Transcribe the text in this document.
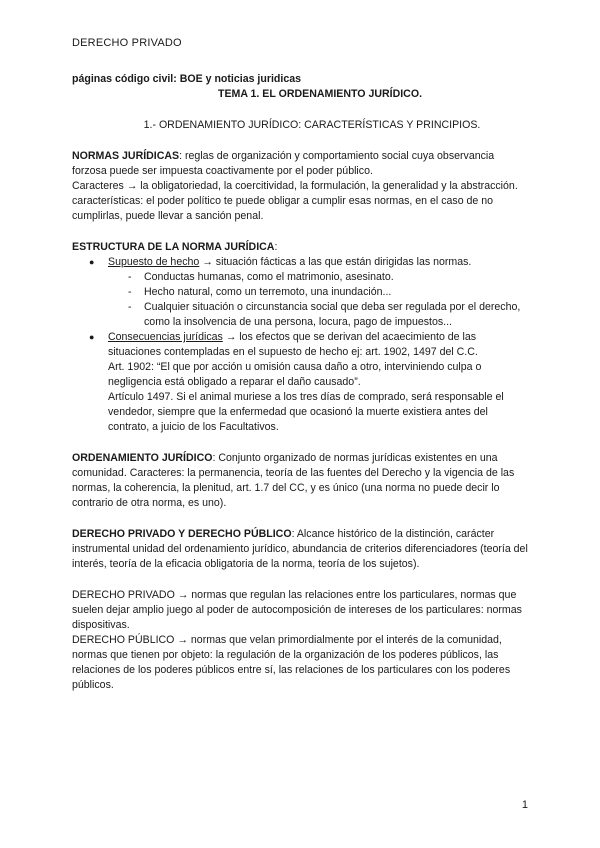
DERECHO PRIVADO

páginas código civil: BOE y noticias juridicas

TEMA 1. EL ORDENAMIENTO JURÍDICO.

1.- ORDENAMIENTO JURÍDICO: CARACTERÍSTICAS Y PRINCIPIOS.

NORMAS JURÍDICAS: reglas de organización y comportamiento social cuya observancia forzosa puede ser impuesta coactivamente por el poder público.

Caracteres → la obligatoriedad, la coercitividad, la formulación, la generalidad y la abstracción.

características: el poder político te puede obligar a cumplir esas normas, en el caso de no cumplirlas, puede llevar a sanción penal.

ESTRUCTURA DE LA NORMA JURÍDICA:

● Supuesto de hecho → situación fácticas a las que están dirigidas las normas.
- Conductas humanas, como el matrimonio, asesinato.
- Hecho natural, como un terremoto, una inundación...
- Cualquier situación o circunstancia social que deba ser regulada por el derecho, como la insolvencia de una persona, locura, pago de impuestos...
● Consecuencias jurídicas → los efectos que se derivan del acaecimiento de las situaciones contempladas en el supuesto de hecho ej: art. 1902, 1497 del C.C.

Art. 1902: “El que por acción u omisión causa daño a otro, interviniendo culpa o negligencia está obligado a reparar el daño causado”.

Artículo 1497. Si el animal muriese a los tres días de comprado, será responsable el vendedor, siempre que la enfermedad que ocasionó la muerte existiera antes del contrato, a juicio de los Facultativos.

ORDENAMIENTO JURÍDICO: Conjunto organizado de normas jurídicas existentes en una comunidad. Caracteres: la permanencia, teoría de las fuentes del Derecho y la vigencia de las normas, la coherencia, la plenitud, art. 1.7 del CC, y es único (una norma no puede decir lo contrario de otra norma, es uno).

DERECHO PRIVADO Y DERECHO PÚBLICO: Alcance histórico de la distinción, carácter instrumental unidad del ordenamiento jurídico, abundancia de criterios diferenciadores (teoría del interés, teoría de la eficacia obligatoria de la norma, teoría de los sujetos).

DERECHO PRIVADO → normas que regulan las relaciones entre los particulares, normas que suelen dejar amplio juego al poder de autocomposición de intereses de los particulares: normas dispositivas.

DERECHO PÚBLICO → normas que velan primordialmente por el interés de la comunidad, normas que tienen por objeto: la regulación de la organización de los poderes públicos, las relaciones de los poderes públicos entre sí, las relaciones de los particulares con los poderes públicos.

1
